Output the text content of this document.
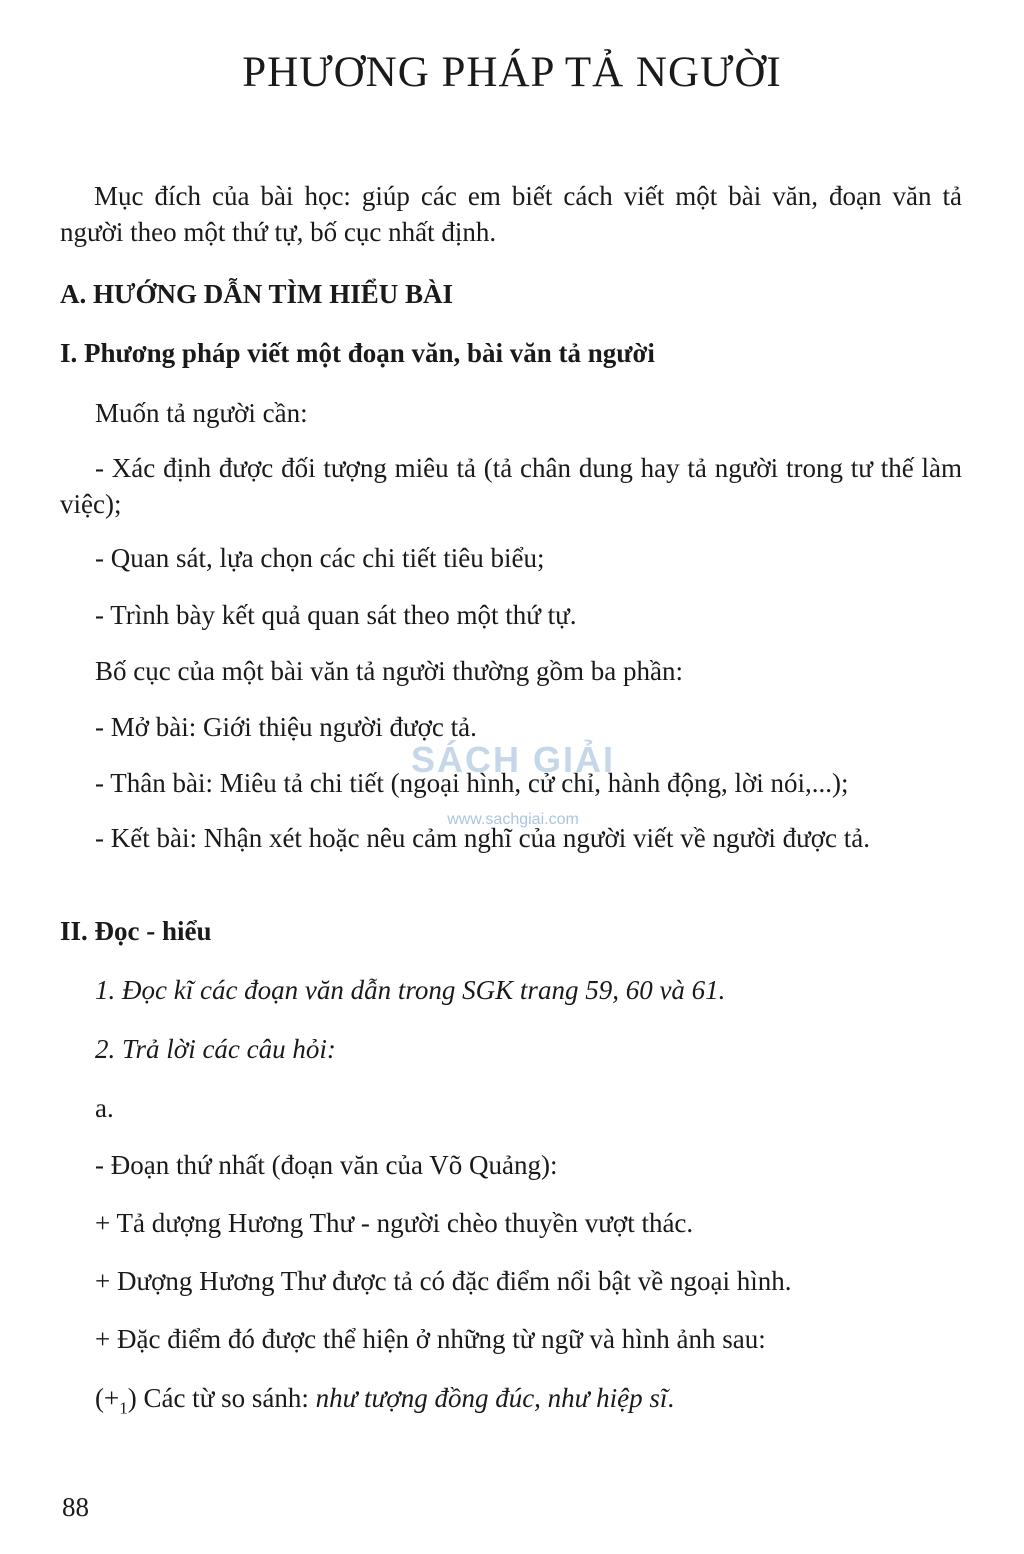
PHƯƠNG PHÁP TẢ NGƯỜI

Mục đích của bài học: giúp các em biết cách viết một bài văn, đoạn văn tả người theo một thứ tự, bố cục nhất định.

A. HƯỚNG DẪN TÌM HIỂU BÀI

I. Phương pháp viết một đoạn văn, bài văn tả người

Muốn tả người cần:

- Xác định được đối tượng miêu tả (tả chân dung hay tả người trong tư thế làm việc);

- Quan sát, lựa chọn các chi tiết tiêu biểu;

- Trình bày kết quả quan sát theo một thứ tự.

Bố cục của một bài văn tả người thường gồm ba phần:

- Mở bài: Giới thiệu người được tả.

- Thân bài: Miêu tả chi tiết (ngoại hình, cử chỉ, hành động, lời nói,...);

- Kết bài: Nhận xét hoặc nêu cảm nghĩ của người viết về người được tả.

II. Đọc - hiểu

1. Đọc kĩ các đoạn văn dẫn trong SGK trang 59, 60 và 61.

2. Trả lời các câu hỏi:

a.

- Đoạn thứ nhất (đoạn văn của Võ Quảng):

+ Tả dượng Hương Thư - người chèo thuyền vượt thác.

+ Dượng Hương Thư được tả có đặc điểm nổi bật về ngoại hình.

+ Đặc điểm đó được thể hiện ở những từ ngữ và hình ảnh sau:

$(+_1)$ Các từ so sánh: như tượng đồng đúc, như hiệp sĩ.

88
SÁCH GIẢI
www.sachgiai.com
